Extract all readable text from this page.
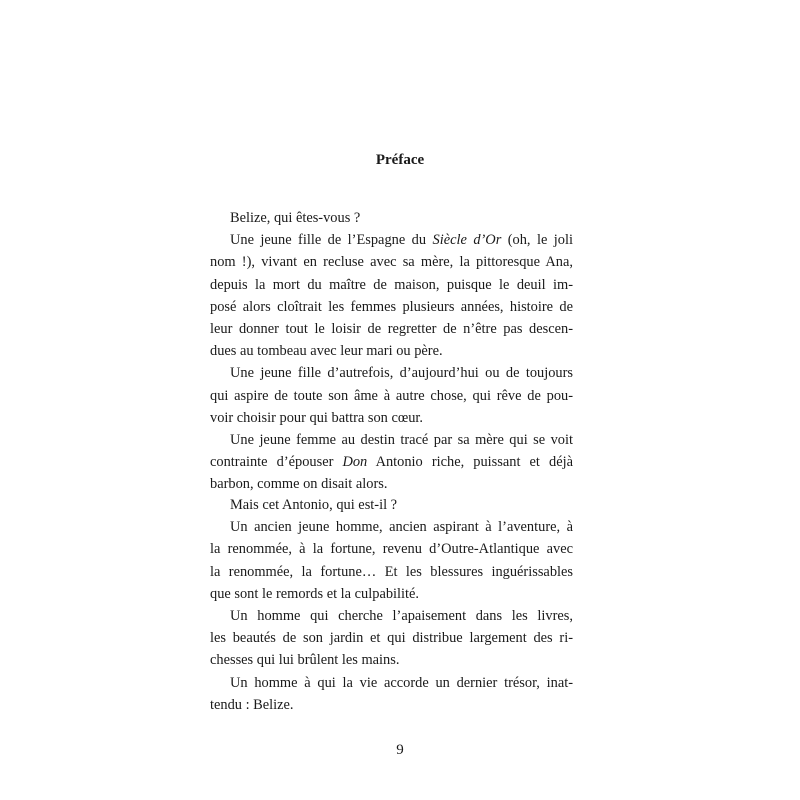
Préface
Belize, qui êtes-vous ?
Une jeune fille de l’Espagne du Siècle d’Or (oh, le joli
nom !), vivant en recluse avec sa mère, la pittoresque Ana,
depuis la mort du maître de maison, puisque le deuil im-
posé alors cloîtrait les femmes plusieurs années, histoire de
leur donner tout le loisir de regretter de n’être pas descen-
dues au tombeau avec leur mari ou père.
Une jeune fille d’autrefois, d’aujourd’hui ou de toujours
qui aspire de toute son âme à autre chose, qui rêve de pou-
voir choisir pour qui battra son cœur.
Une jeune femme au destin tracé par sa mère qui se voit
contrainte d’épouser Don Antonio riche, puissant et déjà
barbon, comme on disait alors.
Mais cet Antonio, qui est-il ?
Un ancien jeune homme, ancien aspirant à l’aventure, à
la renommée, à la fortune, revenu d’Outre-Atlantique avec
la renommée, la fortune… Et les blessures inguérissables
que sont le remords et la culpabilité.
Un homme qui cherche l’apaisement dans les livres,
les beautés de son jardin et qui distribue largement des ri-
chesses qui lui brûlent les mains.
Un homme à qui la vie accorde un dernier trésor, inat-
tendu : Belize.
9
